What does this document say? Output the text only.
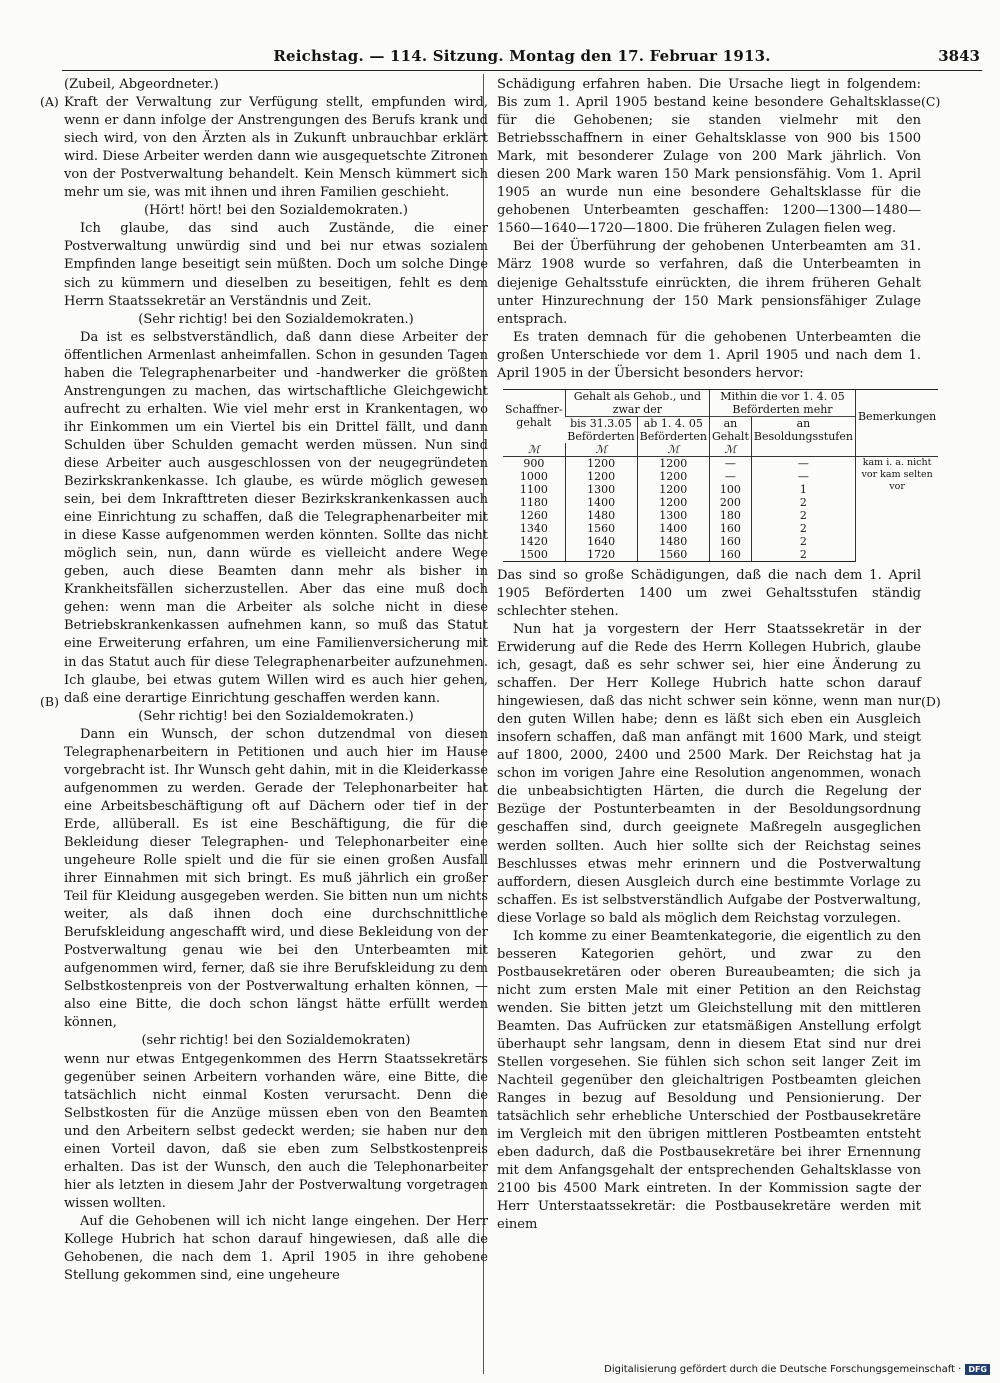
Reichstag. — 114. Sitzung. Montag den 17. Februar 1913.	3843
(A)
(B)
(C)
(D)

(Zubeil, Abgeordneter.)

Kraft der Verwaltung zur Verfügung stellt, empfunden wird, wenn er dann infolge der Anstrengungen des Berufs krank und siech wird, von den Ärzten als in Zukunft unbrauchbar erklärt wird. Diese Arbeiter werden dann wie ausgequetschte Zitronen von der Postverwaltung behandelt. Kein Mensch kümmert sich mehr um sie, was mit ihnen und ihren Familien geschieht.

(Hört! hört! bei den Sozialdemokraten.)

Ich glaube, das sind auch Zustände, die einer Postverwaltung unwürdig sind und bei nur etwas sozialem Empfinden lange beseitigt sein müßten. Doch um solche Dinge sich zu kümmern und dieselben zu beseitigen, fehlt es dem Herrn Staatssekretär an Verständnis und Zeit.

(Sehr richtig! bei den Sozialdemokraten.)

Da ist es selbstverständlich, daß dann diese Arbeiter der öffentlichen Armenlast anheimfallen. Schon in gesunden Tagen haben die Telegraphenarbeiter und -handwerker die größten Anstrengungen zu machen, das wirtschaftliche Gleichgewicht aufrecht zu erhalten. Wie viel mehr erst in Krankentagen, wo ihr Einkommen um ein Viertel bis ein Drittel fällt, und dann Schulden über Schulden gemacht werden müssen. Nun sind diese Arbeiter auch ausgeschlossen von der neugegründeten Bezirkskrankenkasse. Ich glaube, es würde möglich gewesen sein, bei dem Inkrafttreten dieser Bezirkskrankenkassen auch eine Einrichtung zu schaffen, daß die Telegraphenarbeiter mit in diese Kasse aufgenommen werden könnten. Sollte das nicht möglich sein, nun, dann würde es vielleicht andere Wege geben, auch diese Beamten dann mehr als bisher in Krankheitsfällen sicherzustellen. Aber das eine muß doch gehen: wenn man die Arbeiter als solche nicht in diese Betriebskrankenkassen aufnehmen kann, so muß das Statut eine Erweiterung erfahren, um eine Familienversicherung mit in das Statut auch für diese Telegraphenarbeiter aufzunehmen. Ich glaube, bei etwas gutem Willen wird es auch hier gehen, daß eine derartige Einrichtung geschaffen werden kann.

(Sehr richtig! bei den Sozialdemokraten.)

Dann ein Wunsch, der schon dutzendmal von diesen Telegraphenarbeitern in Petitionen und auch hier im Hause vorgebracht ist. Ihr Wunsch geht dahin, mit in die Kleiderkasse aufgenommen zu werden. Gerade der Telephonarbeiter hat eine Arbeitsbeschäftigung oft auf Dächern oder tief in der Erde, allüberall. Es ist eine Beschäftigung, die für die Bekleidung dieser Telegraphen- und Telephonarbeiter eine ungeheure Rolle spielt und die für sie einen großen Ausfall ihrer Einnahmen mit sich bringt. Es muß jährlich ein großer Teil für Kleidung ausgegeben werden. Sie bitten nun um nichts weiter, als daß ihnen doch eine durchschnittliche Berufskleidung angeschafft wird, und diese Bekleidung von der Postverwaltung genau wie bei den Unterbeamten mit aufgenommen wird, ferner, daß sie ihre Berufskleidung zu dem Selbstkostenpreis von der Postverwaltung erhalten können, — also eine Bitte, die doch schon längst hätte erfüllt werden können,

(sehr richtig! bei den Sozialdemokraten)

wenn nur etwas Entgegenkommen des Herrn Staatssekretärs gegenüber seinen Arbeitern vorhanden wäre, eine Bitte, die tatsächlich nicht einmal Kosten verursacht. Denn die Selbstkosten für die Anzüge müssen eben von den Beamten und den Arbeitern selbst gedeckt werden; sie haben nur den einen Vorteil davon, daß sie eben zum Selbstkostenpreis erhalten. Das ist der Wunsch, den auch die Telephonarbeiter hier als letzten in diesem Jahr der Postverwaltung vorgetragen wissen wollten.

Auf die Gehobenen will ich nicht lange eingehen. Der Herr Kollege Hubrich hat schon darauf hingewiesen, daß alle die Gehobenen, die nach dem 1. April 1905 in ihre gehobene Stellung gekommen sind, eine ungeheure

Schädigung erfahren haben. Die Ursache liegt in folgendem: Bis zum 1. April 1905 bestand keine besondere Gehaltsklasse für die Gehobenen; sie standen vielmehr mit den Betriebsschaffnern in einer Gehaltsklasse von 900 bis 1500 Mark, mit besonderer Zulage von 200 Mark jährlich. Von diesen 200 Mark waren 150 Mark pensionsfähig. Vom 1. April 1905 an wurde nun eine besondere Gehaltsklasse für die gehobenen Unterbeamten geschaffen: 1200—1300—1480—1560—1640—1720—1800. Die früheren Zulagen fielen weg.

Bei der Überführung der gehobenen Unterbeamten am 31. März 1908 wurde so verfahren, daß die Unterbeamten in diejenige Gehaltsstufe einrückten, die ihrem früheren Gehalt unter Hinzurechnung der 150 Mark pensionsfähiger Zulage entsprach.

Es traten demnach für die gehobenen Unterbeamten die großen Unterschiede vor dem 1. April 1905 und nach dem 1. April 1905 in der Übersicht besonders hervor:

Schaffner-gehalt	Gehalt als Gehob., und zwar der		Mithin die vor 1. 4. 05 Beförderten mehr		Bemerkungen
	bis 31.3.05 Beförderten	ab 1. 4. 05 Beförderten	an Gehalt	an Besoldungsstufen	
ℳ	ℳ	ℳ	ℳ		
900	1200	1200	—	—	kam i. a. nicht vor kam selten vor
1000	1200	1200	—	—	
1100	1300	1200	100	1	
1180	1400	1200	200	2	
1260	1480	1300	180	2	
1340	1560	1400	160	2	
1420	1640	1480	160	2	
1500	1720	1560	160	2	

Das sind so große Schädigungen, daß die nach dem 1. April 1905 Beförderten 1400 um zwei Gehaltsstufen ständig schlechter stehen.

Nun hat ja vorgestern der Herr Staatssekretär in der Erwiderung auf die Rede des Herrn Kollegen Hubrich, glaube ich, gesagt, daß es sehr schwer sei, hier eine Änderung zu schaffen. Der Herr Kollege Hubrich hatte schon darauf hingewiesen, daß das nicht schwer sein könne, wenn man nur den guten Willen habe; denn es läßt sich eben ein Ausgleich insofern schaffen, daß man anfängt mit 1600 Mark, und steigt auf 1800, 2000, 2400 und 2500 Mark. Der Reichstag hat ja schon im vorigen Jahre eine Resolution angenommen, wonach die unbeabsichtigten Härten, die durch die Regelung der Bezüge der Postunterbeamten in der Besoldungsordnung geschaffen sind, durch geeignete Maßregeln ausgeglichen werden sollten. Auch hier sollte sich der Reichstag seines Beschlusses etwas mehr erinnern und die Postverwaltung auffordern, diesen Ausgleich durch eine bestimmte Vorlage zu schaffen. Es ist selbstverständlich Aufgabe der Postverwaltung, diese Vorlage so bald als möglich dem Reichstag vorzulegen.

Ich komme zu einer Beamtenkategorie, die eigentlich zu den besseren Kategorien gehört, und zwar zu den Postbausekretären oder oberen Bureaubeamten; die sich ja nicht zum ersten Male mit einer Petition an den Reichstag wenden. Sie bitten jetzt um Gleichstellung mit den mittleren Beamten. Das Aufrücken zur etatsmäßigen Anstellung erfolgt überhaupt sehr langsam, denn in diesem Etat sind nur drei Stellen vorgesehen. Sie fühlen sich schon seit langer Zeit im Nachteil gegenüber den gleichaltrigen Postbeamten gleichen Ranges in bezug auf Besoldung und Pensionierung. Der tatsächlich sehr erhebliche Unterschied der Postbausekretäre im Vergleich mit den übrigen mittleren Postbeamten entsteht eben dadurch, daß die Postbausekretäre bei ihrer Ernennung mit dem Anfangsgehalt der entsprechenden Gehaltsklasse von 2100 bis 4500 Mark eintreten. In der Kommission sagte der Herr Unterstaatssekretär: die Postbausekretäre werden mit einem

Digitalisierung gefördert durch die Deutsche Forschungsgemeinschaft · DFG
